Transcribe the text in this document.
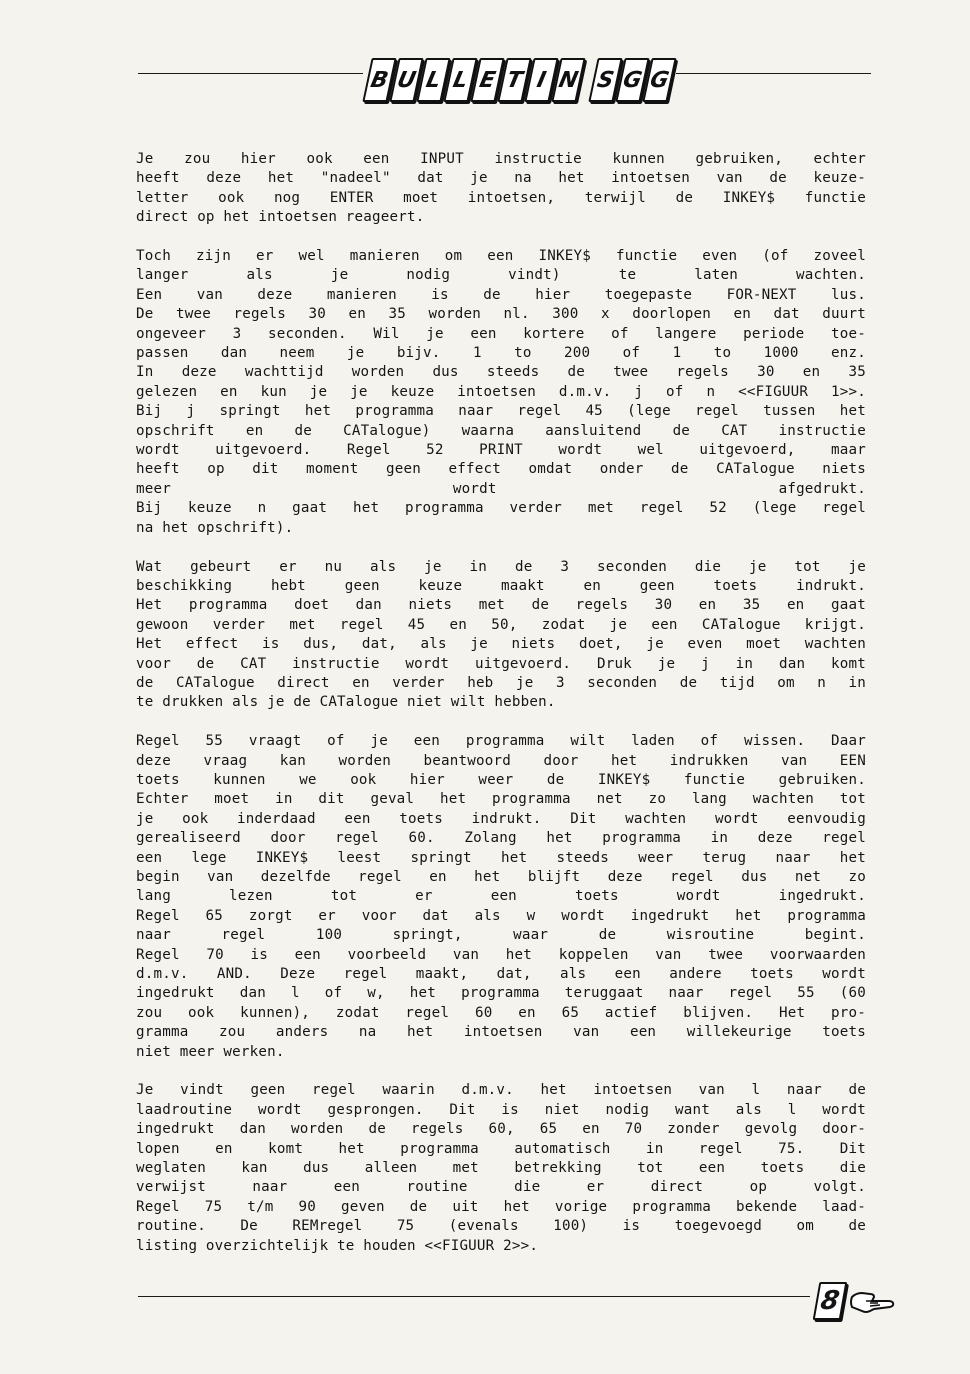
B U L L E T I N S G G

Je zou hier ook een INPUT instructie kunnen gebruiken, echter
heeft deze het "nadeel" dat je na het intoetsen van de keuze-
letter ook nog ENTER moet intoetsen, terwijl de INKEY$ functie
direct op het intoetsen reageert.

Toch zijn er wel manieren om een INKEY$ functie even (of zoveel
langer als je nodig vindt) te laten wachten.
Een van deze manieren is de hier toegepaste FOR-NEXT lus.
De twee regels 30 en 35 worden nl. 300 x doorlopen en dat duurt
ongeveer 3 seconden. Wil je een kortere of langere periode toe-
passen dan neem je bijv. 1 to 200 of 1 to 1000 enz.
In deze wachttijd worden dus steeds de twee regels 30 en 35
gelezen en kun je je keuze intoetsen d.m.v. j of n <<FIGUUR 1>>.
Bij j springt het programma naar regel 45 (lege regel tussen het
opschrift en de CATalogue) waarna aansluitend de CAT instructie
wordt uitgevoerd. Regel 52 PRINT wordt wel uitgevoerd, maar
heeft op dit moment geen effect omdat onder de CATalogue niets
meer wordt afgedrukt.
Bij keuze n gaat het programma verder met regel 52 (lege regel
na het opschrift).

Wat gebeurt er nu als je in de 3 seconden die je tot je
beschikking hebt geen keuze maakt en geen toets indrukt.
Het programma doet dan niets met de regels 30 en 35 en gaat
gewoon verder met regel 45 en 50, zodat je een CATalogue krijgt.
Het effect is dus, dat, als je niets doet, je even moet wachten
voor de CAT instructie wordt uitgevoerd. Druk je j in dan komt
de CATalogue direct en verder heb je 3 seconden de tijd om n in
te drukken als je de CATalogue niet wilt hebben.

Regel 55 vraagt of je een programma wilt laden of wissen. Daar
deze vraag kan worden beantwoord door het indrukken van EEN
toets kunnen we ook hier weer de INKEY$ functie gebruiken.
Echter moet in dit geval het programma net zo lang wachten tot
je ook inderdaad een toets indrukt. Dit wachten wordt eenvoudig
gerealiseerd door regel 60. Zolang het programma in deze regel
een lege INKEY$ leest springt het steeds weer terug naar het
begin van dezelfde regel en het blijft deze regel dus net zo
lang lezen tot er een toets wordt ingedrukt.
Regel 65 zorgt er voor dat als w wordt ingedrukt het programma
naar regel 100 springt, waar de wisroutine begint.
Regel 70 is een voorbeeld van het koppelen van twee voorwaarden
d.m.v. AND. Deze regel maakt, dat, als een andere toets wordt
ingedrukt dan l of w, het programma teruggaat naar regel 55 (60
zou ook kunnen), zodat regel 60 en 65 actief blijven. Het pro-
gramma zou anders na het intoetsen van een willekeurige toets
niet meer werken.

Je vindt geen regel waarin d.m.v. het intoetsen van l naar de
laadroutine wordt gesprongen. Dit is niet nodig want als l wordt
ingedrukt dan worden de regels 60, 65 en 70 zonder gevolg door-
lopen en komt het programma automatisch in regel 75. Dit
weglaten kan dus alleen met betrekking tot een toets die
verwijst naar een routine die er direct op volgt.
Regel 75 t/m 90 geven de uit het vorige programma bekende laad-
routine. De REMregel 75 (evenals 100) is toegevoegd om de
listing overzichtelijk te houden <<FIGUUR 2>>.

8
